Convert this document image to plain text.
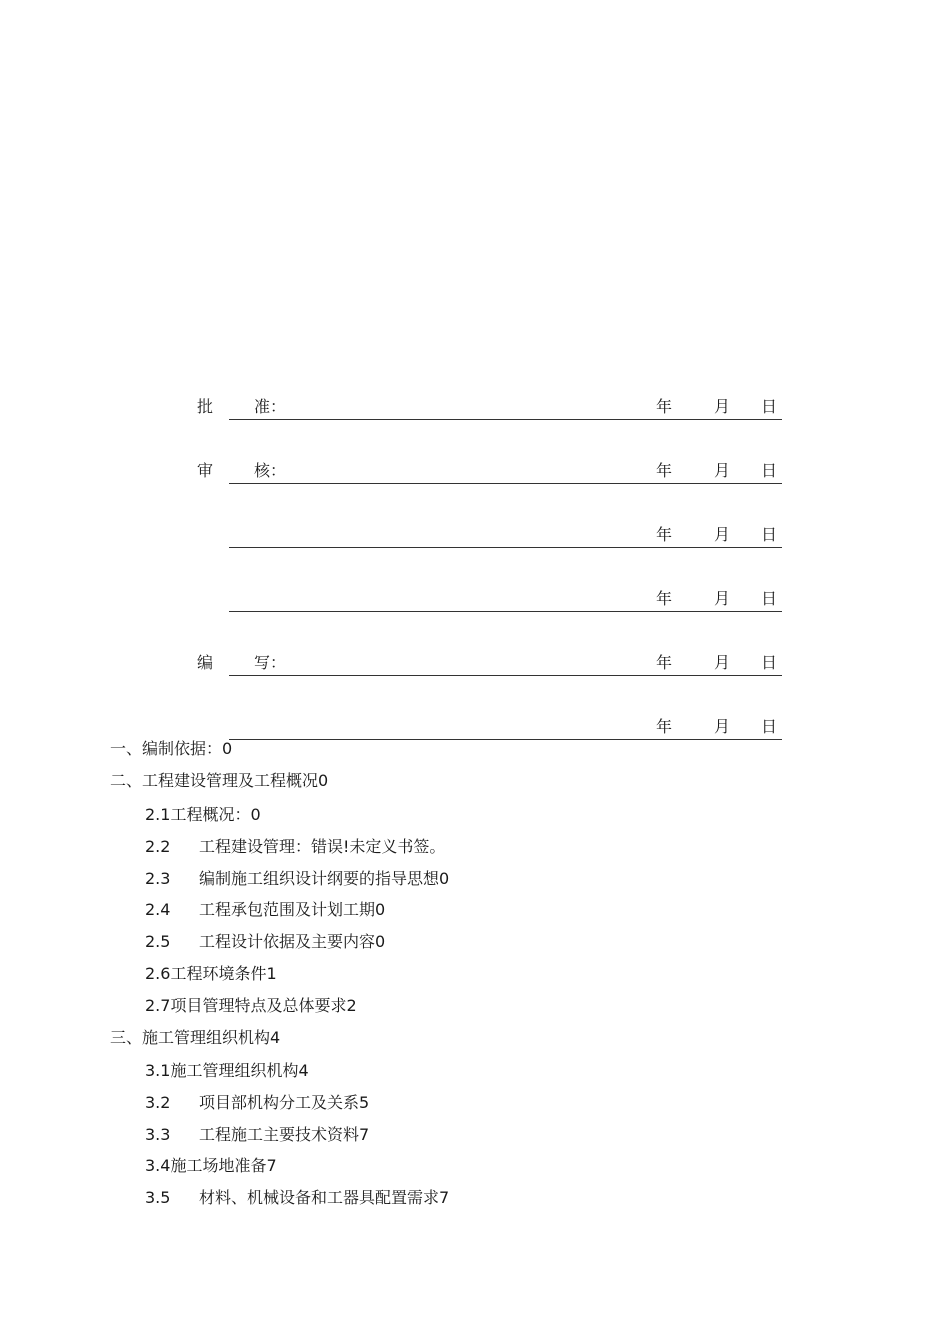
批	准：	年	月 日
审	核：	年	月 日
年	月 日
年	月 日
编	写：	年	月 日
年	月 日
一、编制依据：0
二、工程建设管理及工程概况0
2.1工程概况：0
2.2 工程建设管理：错误!未定义书签。
2.3 编制施工组织设计纲要的指导思想0
2.4 工程承包范围及计划工期0
2.5 工程设计依据及主要内容0
2.6工程环境条件1
2.7项目管理特点及总体要求2
三、施工管理组织机构4
3.1施工管理组织机构4
3.2 项目部机构分工及关系5
3.3 工程施工主要技术资料7
3.4施工场地准备7
3.5 材料、机械设备和工器具配置需求7
